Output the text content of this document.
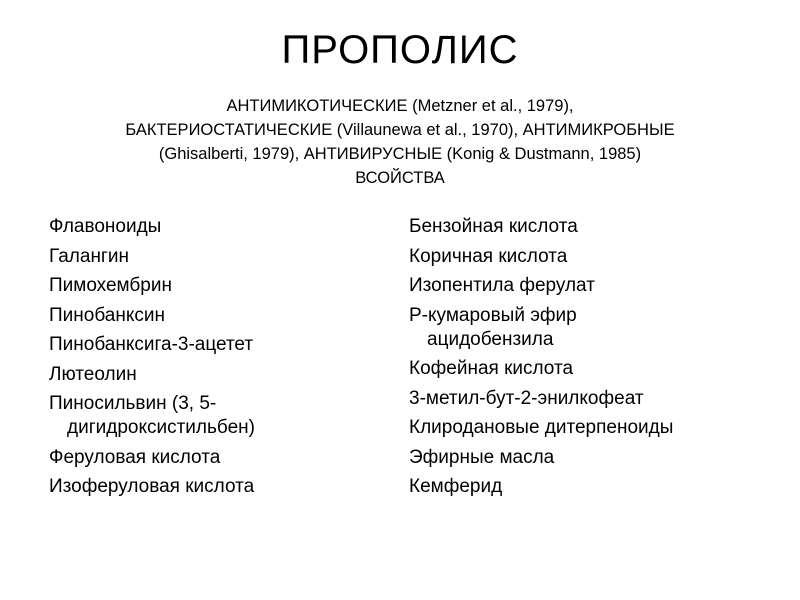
ПРОПОЛИС
АНТИМИКОТИЧЕСКИЕ (Metzner et al., 1979),
БАКТЕРИОСТАТИЧЕСКИЕ (Villaunewa et al., 1970), АНТИМИКРОБНЫЕ
(Ghisalberti, 1979), АНТИВИРУСНЫЕ (Konig & Dustmann, 1985)
ВСОЙСТВА
Флавоноиды
Галангин
Пимохембрин
Пинобанксин
Пинобанксига-3-ацетет
Лютеолин
Пиносильвин (3, 5-
дигидроксистильбен)
Феруловая кислота
Изоферуловая кислота
Бензойная кислота
Коричная кислота
Изопентила ферулат
Р-кумаровый эфир
ацидобензила
Кофейная кислота
3-метил-бут-2-энилкофеат
Клиродановые дитерпеноиды
Эфирные масла
Кемферид
